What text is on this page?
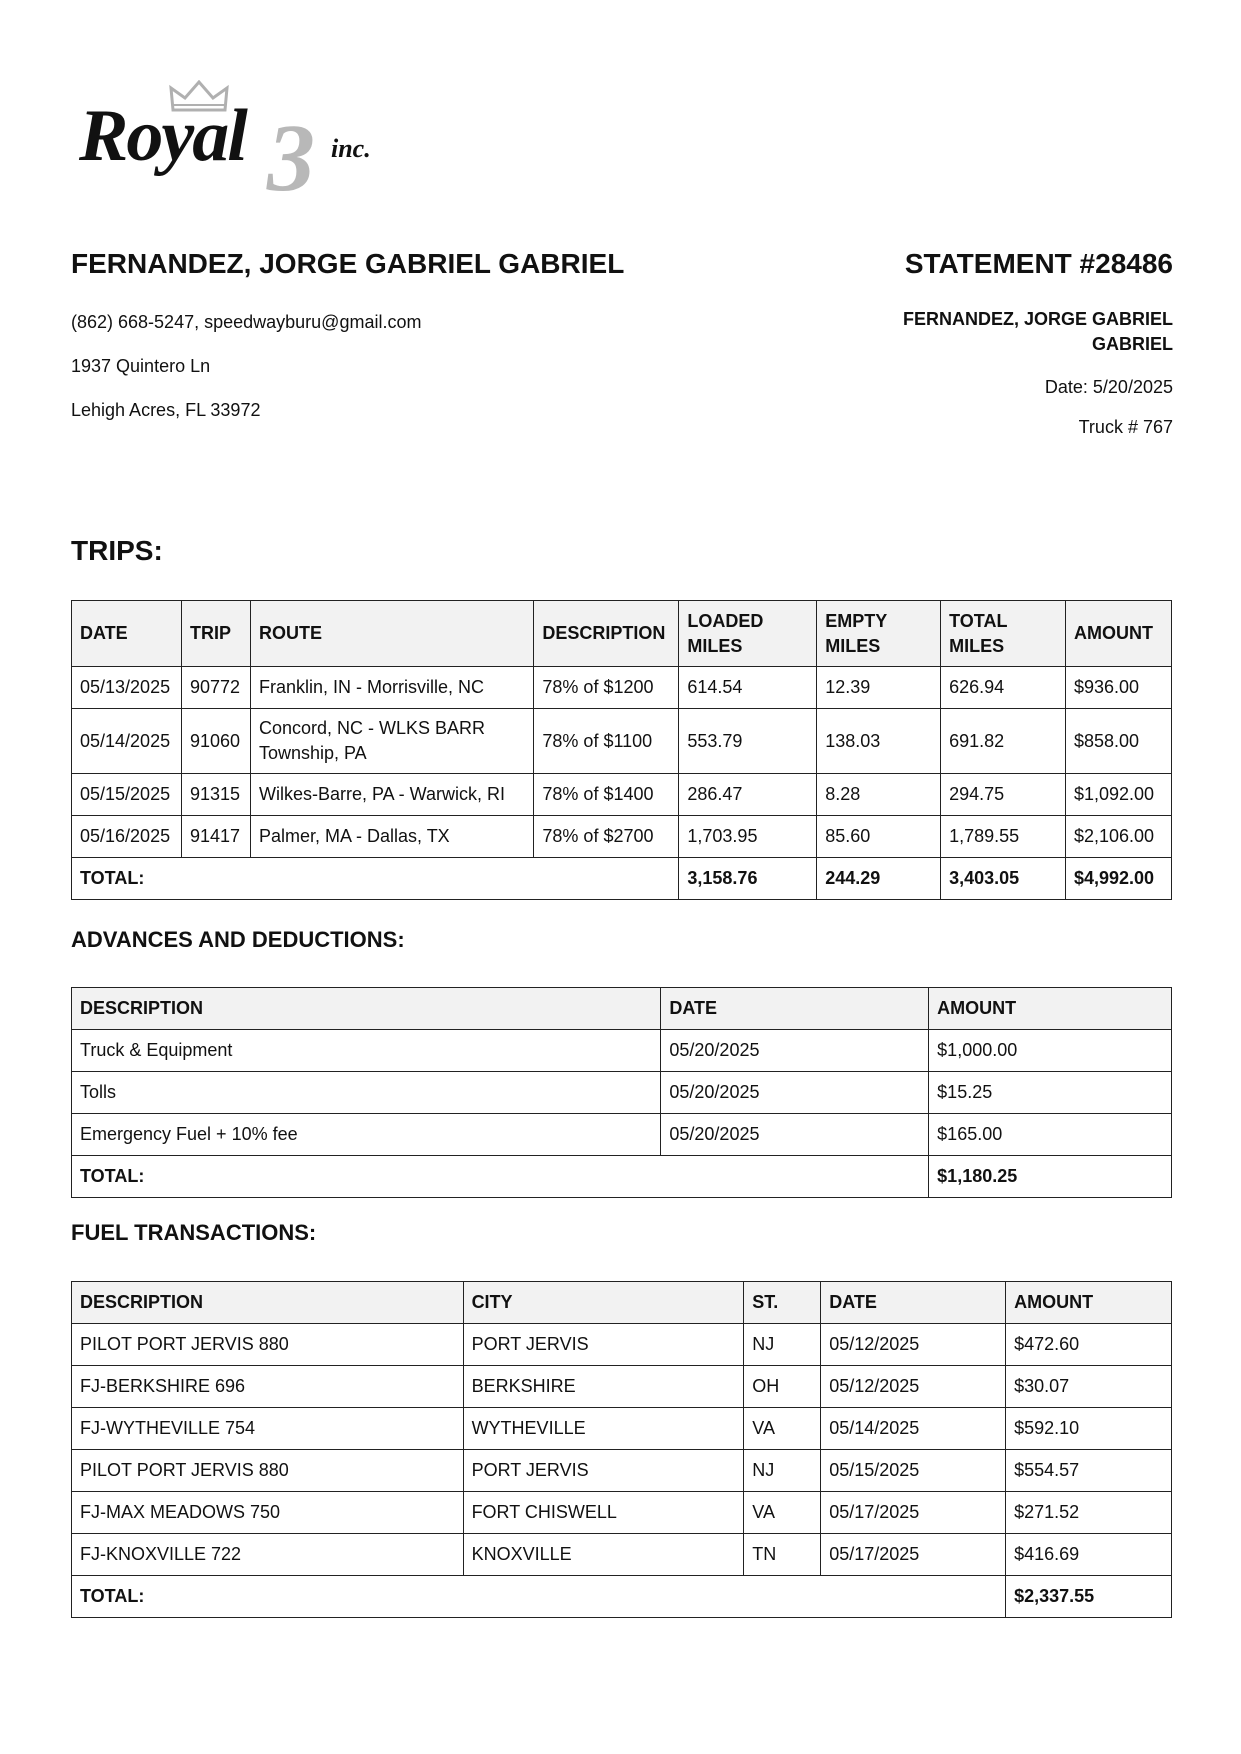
3
Royal	inc.
FERNANDEZ, JORGE GABRIEL GABRIEL
(862) 668-5247, speedwayburu@gmail.com
1937 Quintero Ln
Lehigh Acres, FL 33972
STATEMENT #28486
FERNANDEZ, JORGE GABRIEL GABRIEL
Date: 5/20/2025
Truck # 767
TRIPS:
DATE	TRIP	ROUTE	DESCRIPTION	LOADED MILES	EMPTY MILES	TOTAL MILES	AMOUNT
05/13/2025	90772	Franklin, IN - Morrisville, NC	78% of $1200	614.54	12.39	626.94	$936.00
05/14/2025	91060	Concord, NC - WLKS BARR Township, PA	78% of $1100	553.79	138.03	691.82	$858.00
05/15/2025	91315	Wilkes-Barre, PA - Warwick, RI	78% of $1400	286.47	8.28	294.75	$1,092.00
05/16/2025	91417	Palmer, MA - Dallas, TX	78% of $2700	1,703.95	85.60	1,789.55	$2,106.00
TOTAL:				3,158.76	244.29	3,403.05	$4,992.00
ADVANCES AND DEDUCTIONS:
DESCRIPTION	DATE	AMOUNT
Truck & Equipment	05/20/2025	$1,000.00
Tolls	05/20/2025	$15.25
Emergency Fuel + 10% fee	05/20/2025	$165.00
TOTAL:		$1,180.25
FUEL TRANSACTIONS:
DESCRIPTION	CITY	ST.	DATE	AMOUNT
PILOT PORT JERVIS 880	PORT JERVIS	NJ	05/12/2025	$472.60
FJ-BERKSHIRE 696	BERKSHIRE	OH	05/12/2025	$30.07
FJ-WYTHEVILLE 754	WYTHEVILLE	VA	05/14/2025	$592.10
PILOT PORT JERVIS 880	PORT JERVIS	NJ	05/15/2025	$554.57
FJ-MAX MEADOWS 750	FORT CHISWELL	VA	05/17/2025	$271.52
FJ-KNOXVILLE 722	KNOXVILLE	TN	05/17/2025	$416.69
TOTAL:				$2,337.55
